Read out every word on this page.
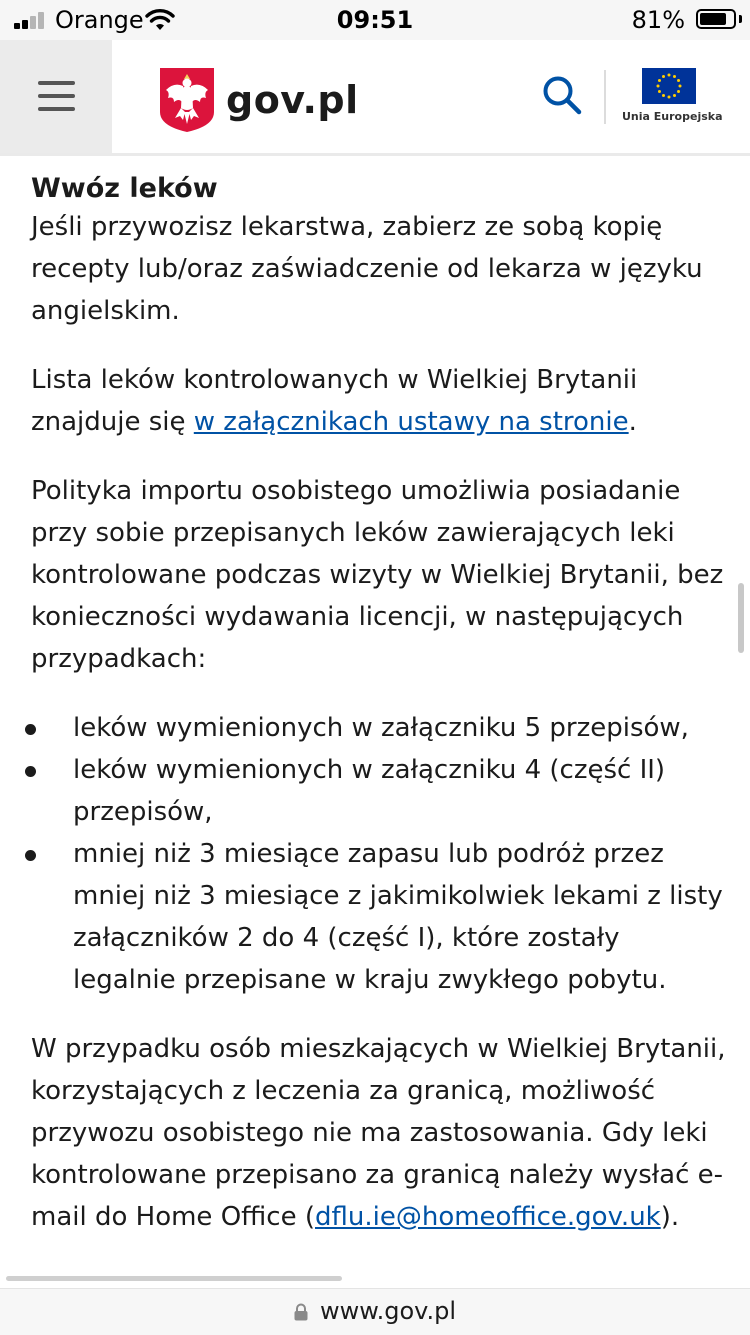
Orange	09:51	81%
gov.pl	Unia Europejska
Wwóz leków

Jeśli przywozisz lekarstwa, zabierz ze sobą kopię recepty lub/oraz zaświadczenie od lekarza w języku angielskim.

Lista leków kontrolowanych w Wielkiej Brytanii znajduje się w załącznikach ustawy na stronie.

Polityka importu osobistego umożliwia posiadanie przy sobie przepisanych leków zawierających leki kontrolowane podczas wizyty w Wielkiej Brytanii, bez konieczności wydawania licencji, w następujących przypadkach:

leków wymienionych w załączniku 5 przepisów,
leków wymienionych w załączniku 4 (część II) przepisów,
mniej niż 3 miesiące zapasu lub podróż przez mniej niż 3 miesiące z jakimikolwiek lekami z listy załączników 2 do 4 (część I), które zostały legalnie przepisane w kraju zwykłego pobytu.

W przypadku osób mieszkających w Wielkiej Brytanii, korzystających z leczenia za granicą, możliwość przywozu osobistego nie ma zastosowania. Gdy leki kontrolowane przepisano za granicą należy wysłać e-mail do Home Office (dflu.ie@homeoffice.gov.uk).

www.gov.pl
